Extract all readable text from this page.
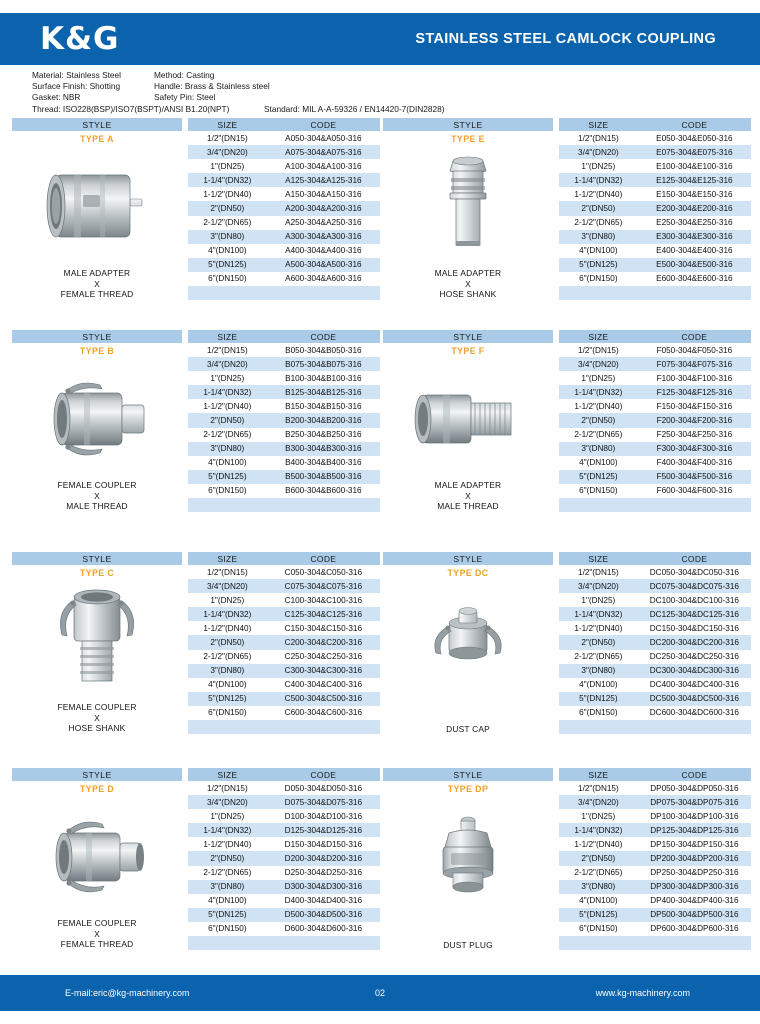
K&G	STAINLESS STEEL CAMLOCK COUPLING
Material: Stainless Steel	Method: Casting
Surface Finish: Shotting	Handle: Brass & Stainless steel
Gasket: NBR	Safety Pin: Steel
Thread: ISO228(BSP)/ISO7(BSPT)/ANSI B1.20(NPT)	Standard: MIL A-A-59326 / EN14420-7(DIN2828)
STYLE
TYPE A
MALE ADAPTER
X
FEMALE THREAD
SIZE	CODE
1/2"(DN15)	A050-304&A050-316
3/4"(DN20)	A075-304&A075-316
1"(DN25)	A100-304&A100-316
1-1/4"(DN32)	A125-304&A125-316
1-1/2"(DN40)	A150-304&A150-316
2"(DN50)	A200-304&A200-316
2-1/2"(DN65)	A250-304&A250-316
3"(DN80)	A300-304&A300-316
4"(DN100)	A400-304&A400-316
5"(DN125)	A500-304&A500-316
6"(DN150)	A600-304&A600-316

STYLE
TYPE E
MALE ADAPTER
X
HOSE SHANK
SIZE	CODE
1/2"(DN15)	E050-304&E050-316
3/4"(DN20)	E075-304&E075-316
1"(DN25)	E100-304&E100-316
1-1/4"(DN32)	E125-304&E125-316
1-1/2"(DN40)	E150-304&E150-316
2"(DN50)	E200-304&E200-316
2-1/2"(DN65)	E250-304&E250-316
3"(DN80)	E300-304&E300-316
4"(DN100)	E400-304&E400-316
5"(DN125)	E500-304&E500-316
6"(DN150)	E600-304&E600-316

STYLE
TYPE B
FEMALE COUPLER
X
MALE THREAD
SIZE	CODE
1/2"(DN15)	B050-304&B050-316
3/4"(DN20)	B075-304&B075-316
1"(DN25)	B100-304&B100-316
1-1/4"(DN32)	B125-304&B125-316
1-1/2"(DN40)	B150-304&B150-316
2"(DN50)	B200-304&B200-316
2-1/2"(DN65)	B250-304&B250-316
3"(DN80)	B300-304&B300-316
4"(DN100)	B400-304&B400-316
5"(DN125)	B500-304&B500-316
6"(DN150)	B600-304&B600-316

STYLE
TYPE F
MALE ADAPTER
X
MALE THREAD
SIZE	CODE
1/2"(DN15)	F050-304&F050-316
3/4"(DN20)	F075-304&F075-316
1"(DN25)	F100-304&F100-316
1-1/4"(DN32)	F125-304&F125-316
1-1/2"(DN40)	F150-304&F150-316
2"(DN50)	F200-304&F200-316
2-1/2"(DN65)	F250-304&F250-316
3"(DN80)	F300-304&F300-316
4"(DN100)	F400-304&F400-316
5"(DN125)	F500-304&F500-316
6"(DN150)	F600-304&F600-316

STYLE
TYPE C
FEMALE COUPLER
X
HOSE SHANK
SIZE	CODE
1/2"(DN15)	C050-304&C050-316
3/4"(DN20)	C075-304&C075-316
1"(DN25)	C100-304&C100-316
1-1/4"(DN32)	C125-304&C125-316
1-1/2"(DN40)	C150-304&C150-316
2"(DN50)	C200-304&C200-316
2-1/2"(DN65)	C250-304&C250-316
3"(DN80)	C300-304&C300-316
4"(DN100)	C400-304&C400-316
5"(DN125)	C500-304&C500-316
6"(DN150)	C600-304&C600-316

STYLE
TYPE DC
DUST CAP
SIZE	CODE
1/2"(DN15)	DC050-304&DC050-316
3/4"(DN20)	DC075-304&DC075-316
1"(DN25)	DC100-304&DC100-316
1-1/4"(DN32)	DC125-304&DC125-316
1-1/2"(DN40)	DC150-304&DC150-316
2"(DN50)	DC200-304&DC200-316
2-1/2"(DN65)	DC250-304&DC250-316
3"(DN80)	DC300-304&DC300-316
4"(DN100)	DC400-304&DC400-316
5"(DN125)	DC500-304&DC500-316
6"(DN150)	DC600-304&DC600-316

STYLE
TYPE D
FEMALE COUPLER
X
FEMALE THREAD
SIZE	CODE
1/2"(DN15)	D050-304&D050-316
3/4"(DN20)	D075-304&D075-316
1"(DN25)	D100-304&D100-316
1-1/4"(DN32)	D125-304&D125-316
1-1/2"(DN40)	D150-304&D150-316
2"(DN50)	D200-304&D200-316
2-1/2"(DN65)	D250-304&D250-316
3"(DN80)	D300-304&D300-316
4"(DN100)	D400-304&D400-316
5"(DN125)	D500-304&D500-316
6"(DN150)	D600-304&D600-316

STYLE
TYPE DP
DUST PLUG
SIZE	CODE
1/2"(DN15)	DP050-304&DP050-316
3/4"(DN20)	DP075-304&DP075-316
1"(DN25)	DP100-304&DP100-316
1-1/4"(DN32)	DP125-304&DP125-316
1-1/2"(DN40)	DP150-304&DP150-316
2"(DN50)	DP200-304&DP200-316
2-1/2"(DN65)	DP250-304&DP250-316
3"(DN80)	DP300-304&DP300-316
4"(DN100)	DP400-304&DP400-316
5"(DN125)	DP500-304&DP500-316
6"(DN150)	DP600-304&DP600-316

E-mail:eric@kg-machinery.com	02	www.kg-machinery.com
